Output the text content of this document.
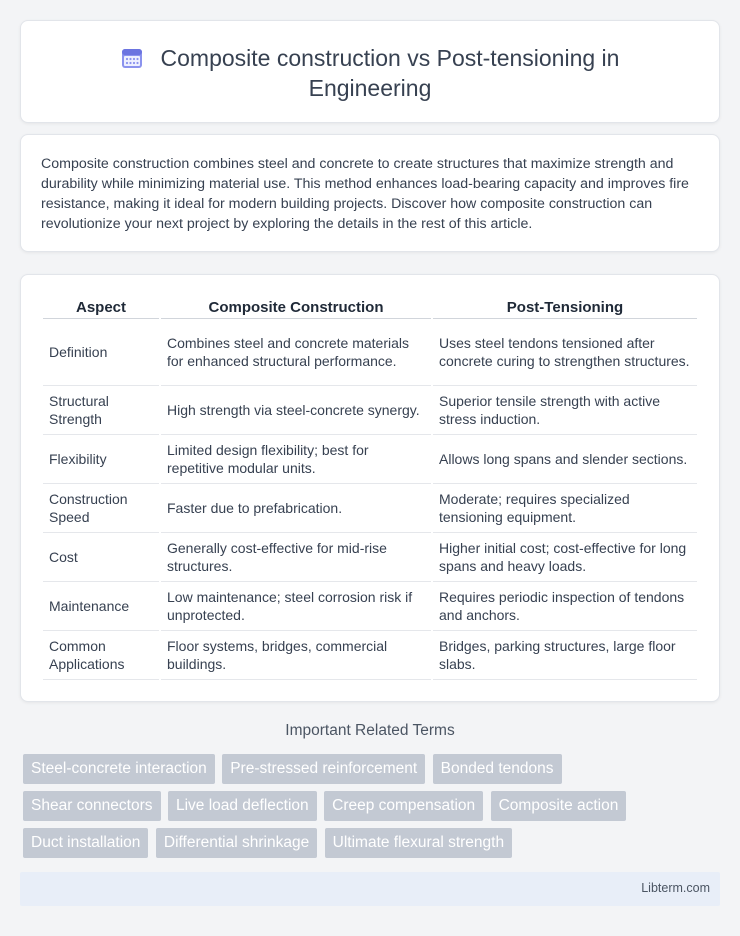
Composite construction vs Post-tensioning in
Engineering

Composite construction combines steel and concrete to create structures that maximize strength and durability while minimizing material use. This method enhances load-bearing capacity and improves fire resistance, making it ideal for modern building projects. Discover how composite construction can revolutionize your next project by exploring the details in the rest of this article.

Aspect	Composite Construction	Post-Tensioning
Definition	Combines steel and concrete materials for enhanced structural performance.	Uses steel tendons tensioned after concrete curing to strengthen structures.
Structural Strength	High strength via steel-concrete synergy.	Superior tensile strength with active stress induction.
Flexibility	Limited design flexibility; best for repetitive modular units.	Allows long spans and slender sections.
Construction Speed	Faster due to prefabrication.	Moderate; requires specialized tensioning equipment.
Cost	Generally cost-effective for mid-rise structures.	Higher initial cost; cost-effective for long spans and heavy loads.
Maintenance	Low maintenance; steel corrosion risk if unprotected.	Requires periodic inspection of tendons and anchors.
Common Applications	Floor systems, bridges, commercial buildings.	Bridges, parking structures, large floor slabs.
Important Related Terms
Steel-concrete interaction Pre-stressed reinforcement Bonded tendons Shear connectors Live load deflection Creep compensation Composite action Duct installation Differential shrinkage Ultimate flexural strength
Libterm.com
